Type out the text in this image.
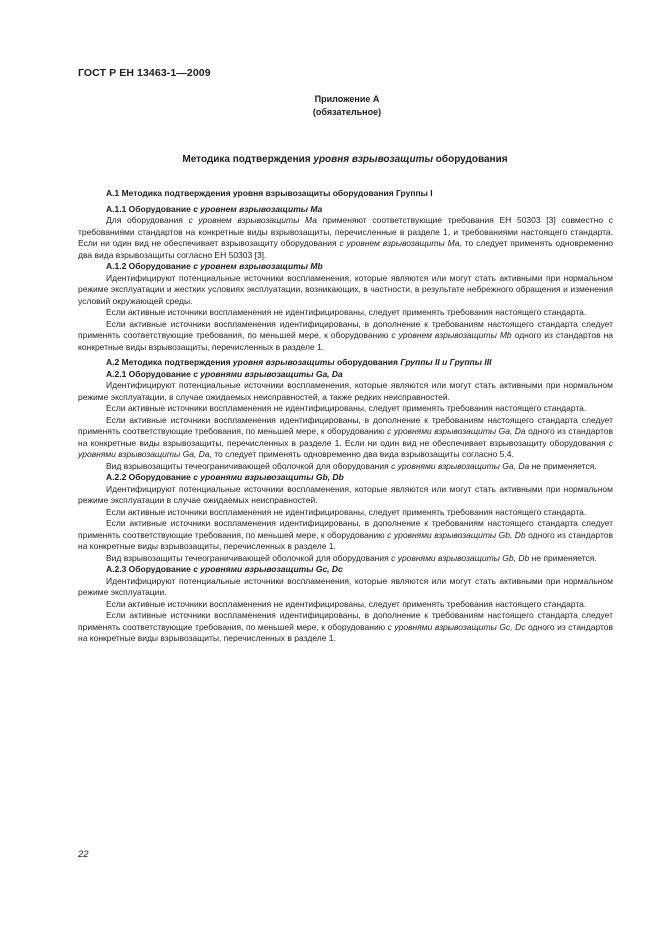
ГОСТ Р ЕН 13463-1—2009
Приложение А
(обязательное)
Методика подтверждения уровня взрывозащиты оборудования

А.1 Методика подтверждения уровня взрывозащиты оборудования Группы I

А.1.1 Оборудование с уровнем взрывозащиты Ма

Для оборудования с уровнем взрывозащиты Ма применяют соответствующие требования ЕН 50303 [3] совместно с требованиями стандартов на конкретные виды взрывозащиты, перечисленные в разделе 1, и требованиями настоящего стандарта. Если ни один вид не обеспечивает взрывозащиту оборудования с уровнем взрывозащиты Ма, то следует применять одновременно два вида взрывозащиты согласно ЕН 50303 [3].

А.1.2 Оборудование с уровнем взрывозащиты Mb

Идентифицируют потенциальные источники воспламенения, которые являются или могут стать активными при нормальном режиме эксплуатации и жестких условиях эксплуатации, возникающих, в частности, в результате небрежного обращения и изменения условий окружающей среды.

Если активные источники воспламенения не идентифицированы, следует применять требования настоящего стандарта.

Если активные источники воспламенения идентифицированы, в дополнение к требованиям настоящего стандарта следует применять соответствующие требования, по меньшей мере, к оборудованию с уровнем взрывозащиты Mb одного из стандартов на конкретные виды взрывозащиты, перечисленных в разделе 1.

А.2 Методика подтверждения уровня взрывозащиты оборудования Группы II и Группы III

А.2.1 Оборудование с уровнями взрывозащиты Ga, Da

Идентифицируют потенциальные источники воспламенения, которые являются или могут стать активными при нормальном режиме эксплуатации, в случае ожидаемых неисправностей, а также редких неисправностей.

Если активные источники воспламенения не идентифицированы, следует применять требования настоящего стандарта.

Если активные источники воспламенения идентифицированы, в дополнение к требованиям настоящего стандарта следует применять соответствующие требования, по меньшей мере, к оборудованию с уровнями взрывозащиты Ga, Da одного из стандартов на конкретные виды взрывозащиты, перечисленных в разделе 1. Если ни один вид не обеспечивает взрывозащиту оборудования с уровнями взрывозащиты Ga, Da, то следует применять одновременно два вида взрывозащиты согласно 5.4.

Вид взрывозащиты течеограничивающей оболочкой для оборудования с уровнями взрывозащиты Ga, Da не применяется.

А.2.2 Оборудование с уровнями взрывозащиты Gb, Db

Идентифицируют потенциальные источники воспламенения, которые являются или могут стать активными при нормальном режиме эксплуатации в случае ожидаемых неисправностей.

Если активные источники воспламенения не идентифицированы, следует применять требования настоящего стандарта.

Если активные источники воспламенения идентифицированы, в дополнение к требованиям настоящего стандарта следует применять соответствующие требования, по меньшей мере, к оборудованию с уровнями взрывозащиты Gb, Db одного из стандартов на конкретные виды взрывозащиты, перечисленных в разделе 1.

Вид взрывозащиты течеограничивающей оболочкой для оборудования с уровнями взрывозащиты Gb, Db не применяется.

А.2.3 Оборудование с уровнями взрывозащиты Gc, Dc

Идентифицируют потенциальные источники воспламенения, которые являются или могут стать активными при нормальном режиме эксплуатации.

Если активные источники воспламенения не идентифицированы, следует применять требования настоящего стандарта.

Если активные источники воспламенения идентифицированы, в дополнение к требованиям настоящего стандарта следует применять соответствующие требования, по меньшей мере, к оборудованию с уровнями взрывозащиты Gc, Dc одного из стандартов на конкретные виды взрывозащиты, перечисленных в разделе 1.

22
